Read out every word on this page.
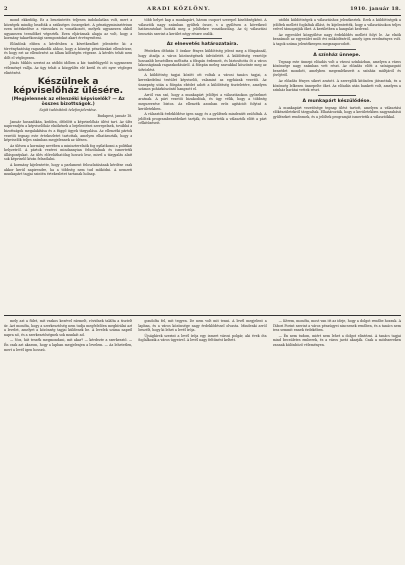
2	ARADI KÖZLÖNY.	1910. január 18.

mond ekkeddig. Ez a beszüntetés teljesen indokolatlan volt, mert a községek mindig beadták a szükséges összegeket. A pénzügyminisztérium ezen intézkedése a városokra is vonatkozott, melyek ugyanezen okból ugyanezen teendőket végezték. Ezen eljárásnak alapja az volt, hogy a kormány takarékossági szempontokat akart érvényesíteni.

Előadónk ebben a kérdésben a következőket jelentette ki: a törvényhatóság ragaszkodik ahhoz, hogy a községi pénztárakat ellenőrizze, és hogy ezt az ellenőrzést az állam költségén végezze. A kérdés tehát nem dőlt el véglegesen.

Jónás Miklós szerint az utóbbi időben a kir. tanfelügyelő is ugyanezen véleményt vallja. Az ügy tehát a közgyűlés elé kerül és ott nyer végleges elintézést.

Készülnek a képviselőház ülésére.
(Megjelennek az ellenzéki képviselők? — Az összes bizottságok.)
Saját tudósítónk telefonjelentése.

Budapest, január 18.

Január huszadikán, kedden, délelőtt a képviselőház ülést tart. Az ülés napirendjén a képviselőház elnökének a bejelentései szerepelnek, továbbá a bizottságok megalakítása és a függő ügyek tárgyalása. Az ellenzéki pártok vezetői tegnap este értekezletet tartottak, amelyen elhatározták, hogy a képviselők teljes számban megjelennek az ülésen.

Az ülésen a kormány nevében a miniszterelnök fog nyilatkozni a politikai helyzetről. A pártok vezérei mindannyian felszólalnak és ismertetik álláspontjukat. Az ülés előreláthatólag hosszú lesz, mivel a tárgyalás alatt sok képviselő kíván felszólalni.

A kormány kijelentette, hogy a parlament feloszlatásának kérdése csak akkor kerül napirendre, ha a többség nem tud működni. A nemzeti munkapárt tagjai szintén értekezletet tartanak holnap.

több helyet kap a munkapárt, három csoport szerepel kisebbségként. A választók nagy számban gyűltek össze, s a gyűlésen a következő határozatokat hozták meg a jelöltekre vonatkozólag. Az új választási beosztás szerint a kerület négy részre oszlik.

Az elnevetés határozataira.

Pénteken délután 5 órakor fényes küldöttség jelent meg a főispánnál, hogy átadja a város közönségének üdvözletét. A küldöttség vezetője hosszabb beszédben méltatta a főispán érdemeit, és biztosította őt a város lakosságának ragaszkodásáról. A főispán meleg szavakkal köszönte meg az üdvözlést.

A küldöttség tagjai között ott voltak a városi tanács tagjai, a kereskedelmi testület képviselői, valamint az egyházak vezetői. Az ünnepség után a főispán ebédet adott a küldöttség tiszteletére, amelyen számos pohárköszöntő hangzott el.

Arról van szó, hogy a munkapárt jelöltjei a választásokon győzelmet aratnak. A párt vezetői bizakodóak, és úgy vélik, hogy a többség megszerzése biztos. Az ellenzék azonban erős agitációt folytat a kerületekben.

A választók érdeklődése igen nagy, és a gyűlések mindenütt zsúfoltak. A jelöltek programbeszédeiket tartják, és ismertetik a választók előtt a párt célkitűzéseit.

utóbbi küldöttségek a választáshoz jelentkeztek. Ezek a küldöttségek a jelöltek mellett foglaltak állást, és kijelentették, hogy a választásokon teljes erővel támogatják őket. A kerületben a hangulat kedvező.

Az egyesület közgyűlése nagy érdeklődés mellett folyt le. Az elnök beszámolt az egyesület múlt évi működéséről, amely igen eredményes volt. A tagok száma jelentékenyen megszaporodott.

A színház ünnepe.

Tegnap este ünnepi előadás volt a városi színházban, amelyen a város közönsége nagy számban vett részt. Az előadás előtt a színigazgató beszédet mondott, amelyben megemlékezett a színház múltjáról és jövőjéről.

Az előadás fényes sikert aratott. A szereplők kitűnően játszottak, és a közönség lelkesen ünnepelte őket. Az előadás után bankett volt, amelyen a színház barátai vettek részt.

A munkapárt készülődése.

A munkapárt vezetősége tegnap ülést tartott, amelyen a választási előkészületekről tárgyaltak. Elhatározták, hogy a kerületekben nagyszabású gyűléseket rendeznek, és a jelöltek programját ismertetik a választókkal.

mely azt a fület, mit vaskos kezével ráemelt, rövidnek találta a tisztelt úr. Azt mondta, hogy a szerkesztőség nem tudja megfelelően megbírálni azt a levelet, amelyet a közönség tagjai küldenek be. A levelek száma napról napra nő, és a szerkesztőségnek sok munkát ad.

— Nos, hát tessék megmondani, mit akar? — kérdezte a szerkesztő. — Én csak azt akarom, hogy a lapban megjelenjen a levelem. — Az lehetetlen, mert a levél igen hosszú.

gondolta fel, mit tegyen. De nem volt mit tenni. A levél megjelent a lapban, és a város közönsége nagy érdeklődéssel olvasta. Mindenki arról beszélt, hogy ki lehet a levél írója.

Újsághírek szerint a levél írója egy ismert városi polgár, aki évek óta foglalkozik a város ügyeivel. A levél nagy feltűnést keltett.

— Kérem, mondta, most van itt az ideje, hogy a dolgot rendbe hozzuk. A Tábori Forint szerint a város pénzügyei nincsenek rendben, és a tanács nem tesz semmit ennek érdekében.

— Én nem tudom, miért nem lehet a dolgot elintézni. A tanács tagjai mind becsületes emberek, és a város javát akarják. Csak a módszereken vannak különböző véleményen.
